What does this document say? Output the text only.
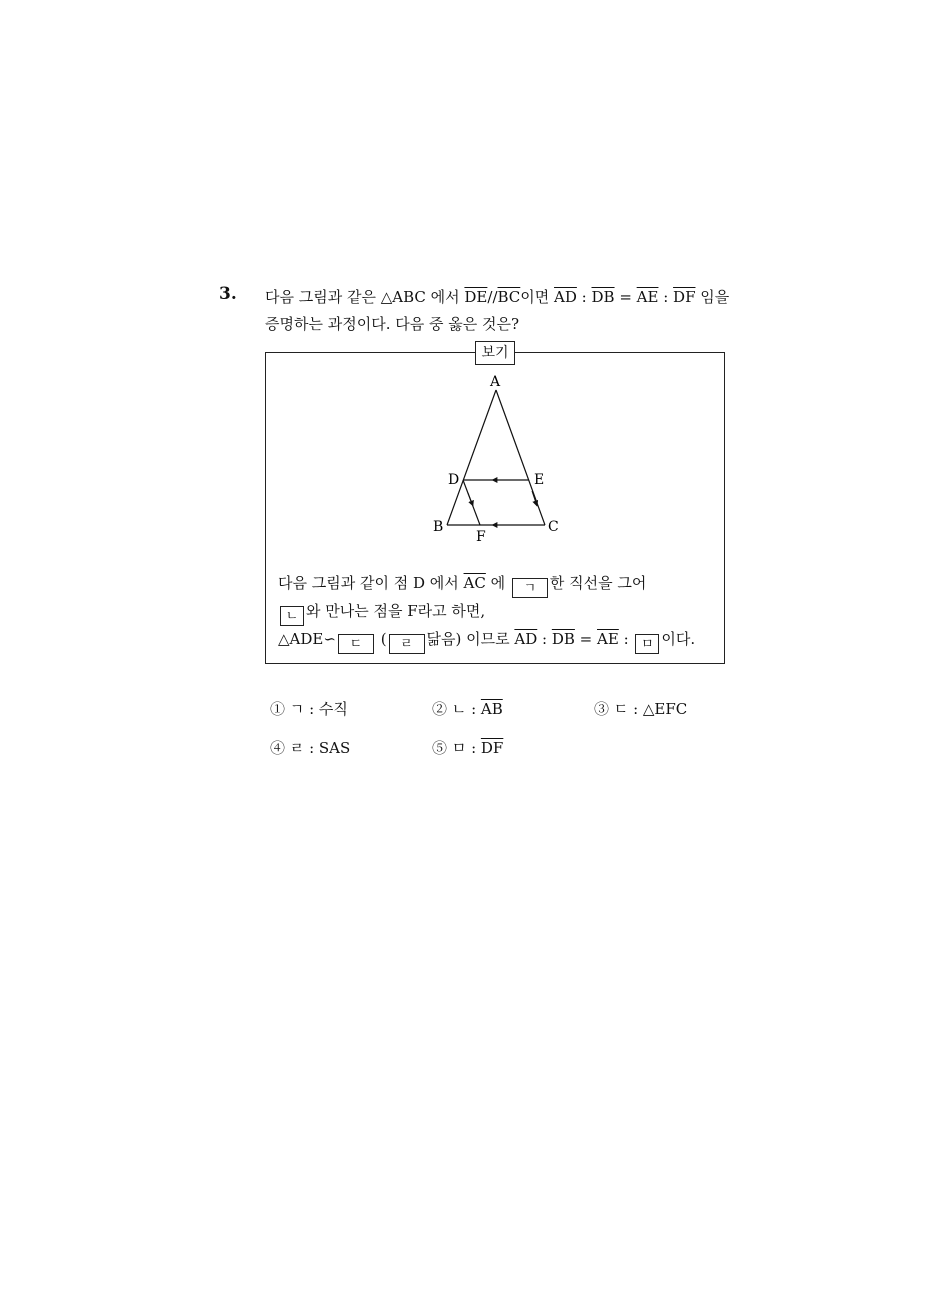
3. 다음 그림과 같은 △ABC 에서 $\overline{DE}//\overline{BC}$이면 $\overline{AD}$ : $\overline{DB} = \overline{AE}$ : $\overline{DF}$ 임을
증명하는 과정이다. 다음 중 옳은 것은?
보기
A
D	E
B	C
F
다음 그림과 같이 점 D 에서 $\overline{AC}$ 에 ㄱ 한 직선을 그어
ㄴ 와 만나는 점을 F라고 하면,
△ADE∽ ㄷ ( ㄹ 닮음) 이므로 $\overline{AD}$ : $\overline{DB} = \overline{AE}$ : ㅁ 이다.
① ㄱ : 수직	② ㄴ : $\overline{AB}$	③ ㄷ : △EFC
④ ㄹ : SAS	⑤ ㅁ : $\overline{DF}$
